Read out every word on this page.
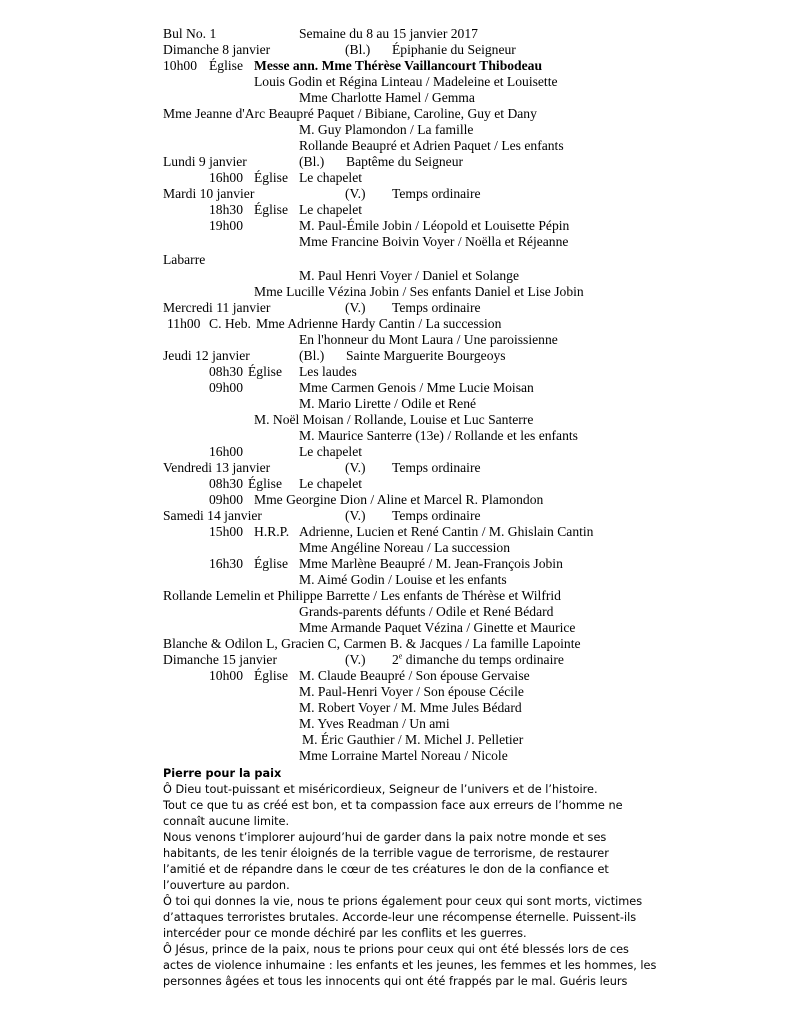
Bul No. 1	Semaine du 8 au 15 janvier 2017
Dimanche 8 janvier	(Bl.) Épiphanie du Seigneur
10h00 Église Messe ann. Mme Thérèse Vaillancourt Thibodeau
Louis Godin et Régina Linteau / Madeleine et Louisette
Mme Charlotte Hamel / Gemma
Mme Jeanne d'Arc Beaupré Paquet / Bibiane, Caroline, Guy et Dany
M. Guy Plamondon / La famille
Rollande Beaupré et Adrien Paquet / Les enfants
Lundi 9 janvier	(Bl.) Baptême du Seigneur
16h00 Église Le chapelet
Mardi 10 janvier	(V.) Temps ordinaire
18h30 Église Le chapelet
19h00	M. Paul-Émile Jobin / Léopold et Louisette Pépin
Mme Francine Boivin Voyer / Noëlla et Réjeanne
Labarre
M. Paul Henri Voyer / Daniel et Solange
Mme Lucille Vézina Jobin / Ses enfants Daniel et Lise Jobin
Mercredi 11 janvier	(V.) Temps ordinaire
11h00 C. Heb. Mme Adrienne Hardy Cantin / La succession
En l'honneur du Mont Laura / Une paroissienne
Jeudi 12 janvier	(Bl.) Sainte Marguerite Bourgeoys
08h30 Église Les laudes
09h00	Mme Carmen Genois / Mme Lucie Moisan
M. Mario Lirette / Odile et René
M. Noël Moisan / Rollande, Louise et Luc Santerre
M. Maurice Santerre (13e) / Rollande et les enfants
16h00	Le chapelet
Vendredi 13 janvier	(V.) Temps ordinaire
08h30 Église Le chapelet
09h00 Mme Georgine Dion / Aline et Marcel R. Plamondon
Samedi 14 janvier	(V.) Temps ordinaire
15h00 H.R.P. Adrienne, Lucien et René Cantin / M. Ghislain Cantin
Mme Angéline Noreau / La succession
16h30 Église Mme Marlène Beaupré / M. Jean-François Jobin
M. Aimé Godin / Louise et les enfants
Rollande Lemelin et Philippe Barrette / Les enfants de Thérèse et Wilfrid
Grands-parents défunts / Odile et René Bédard
Mme Armande Paquet Vézina / Ginette et Maurice
Blanche & Odilon L, Gracien C, Carmen B. & Jacques / La famille Lapointe
Dimanche 15 janvier	(V.) 2e dimanche du temps ordinaire
10h00 Église M. Claude Beaupré / Son épouse Gervaise
M. Paul-Henri Voyer / Son épouse Cécile
M. Robert Voyer / M. Mme Jules Bédard
M. Yves Readman / Un ami
M. Éric Gauthier / M. Michel J. Pelletier
Mme Lorraine Martel Noreau / Nicole
Pierre pour la paix
Ô Dieu tout-puissant et miséricordieux, Seigneur de l’univers et de l’histoire.
Tout ce que tu as créé est bon, et ta compassion face aux erreurs de l’homme ne
connaît aucune limite.
Nous venons t’implorer aujourd’hui de garder dans la paix notre monde et ses
habitants, de les tenir éloignés de la terrible vague de terrorisme, de restaurer
l’amitié et de répandre dans le cœur de tes créatures le don de la confiance et
l’ouverture au pardon.
Ô toi qui donnes la vie, nous te prions également pour ceux qui sont morts, victimes
d’attaques terroristes brutales. Accorde-leur une récompense éternelle. Puissent-ils
intercéder pour ce monde déchiré par les conflits et les guerres.
Ô Jésus, prince de la paix, nous te prions pour ceux qui ont été blessés lors de ces
actes de violence inhumaine : les enfants et les jeunes, les femmes et les hommes, les
personnes âgées et tous les innocents qui ont été frappés par le mal. Guéris leurs
